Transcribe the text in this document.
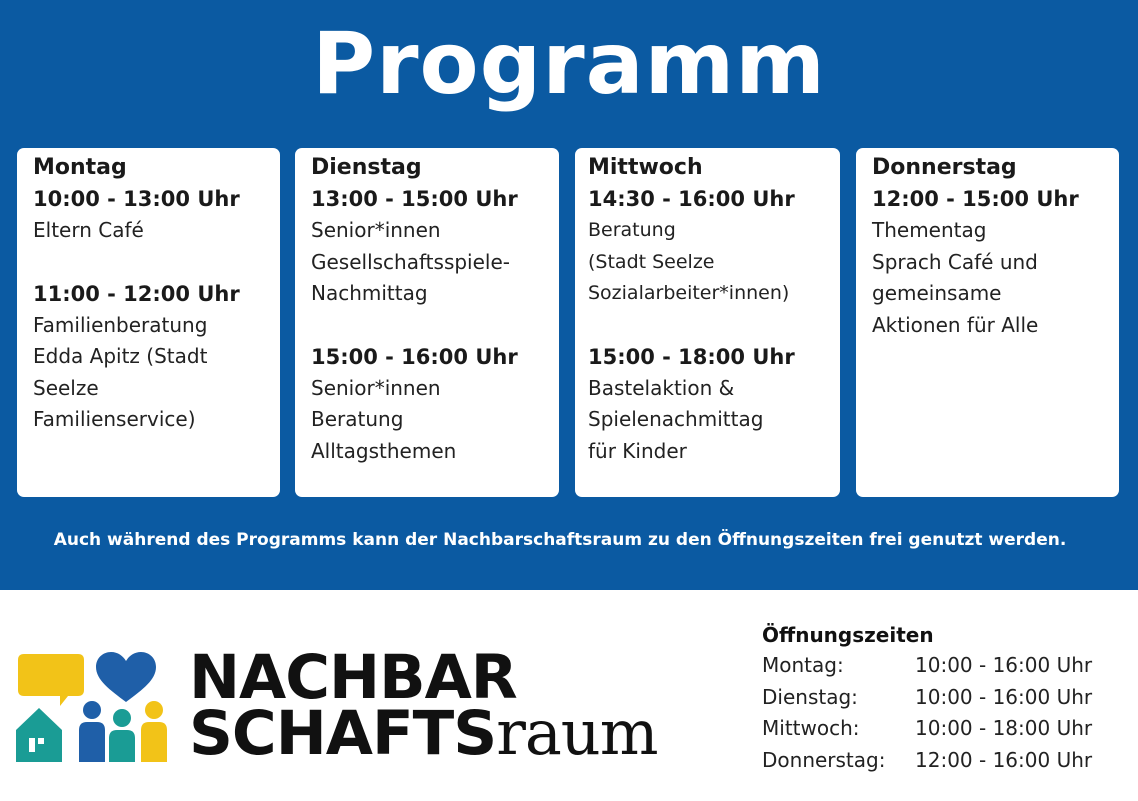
Programm
Montag
10:00 - 13:00 Uhr
Eltern Café
11:00 - 12:00 Uhr
Familienberatung
Edda Apitz (Stadt
Seelze
Familienservice)
Dienstag
13:00 - 15:00 Uhr
Senior*innen
Gesellschaftsspiele-
Nachmittag
15:00 - 16:00 Uhr
Senior*innen
Beratung
Alltagsthemen
Mittwoch
14:30 - 16:00 Uhr
Beratung
(Stadt Seelze
Sozialarbeiter*innen)
15:00 - 18:00 Uhr
Bastelaktion &
Spielenachmittag
für Kinder
Donnerstag
12:00 - 15:00 Uhr
Thementag
Sprach Café und
gemeinsame
Aktionen für Alle
Auch während des Programms kann der Nachbarschaftsraum zu den Öffnungszeiten frei genutzt werden.
NACHBAR
SCHAFTSraum
Öffnungszeiten
Montag:	10:00 - 16:00 Uhr
Dienstag:	10:00 - 16:00 Uhr
Mittwoch:	10:00 - 18:00 Uhr
Donnerstag: 12:00 - 16:00 Uhr
